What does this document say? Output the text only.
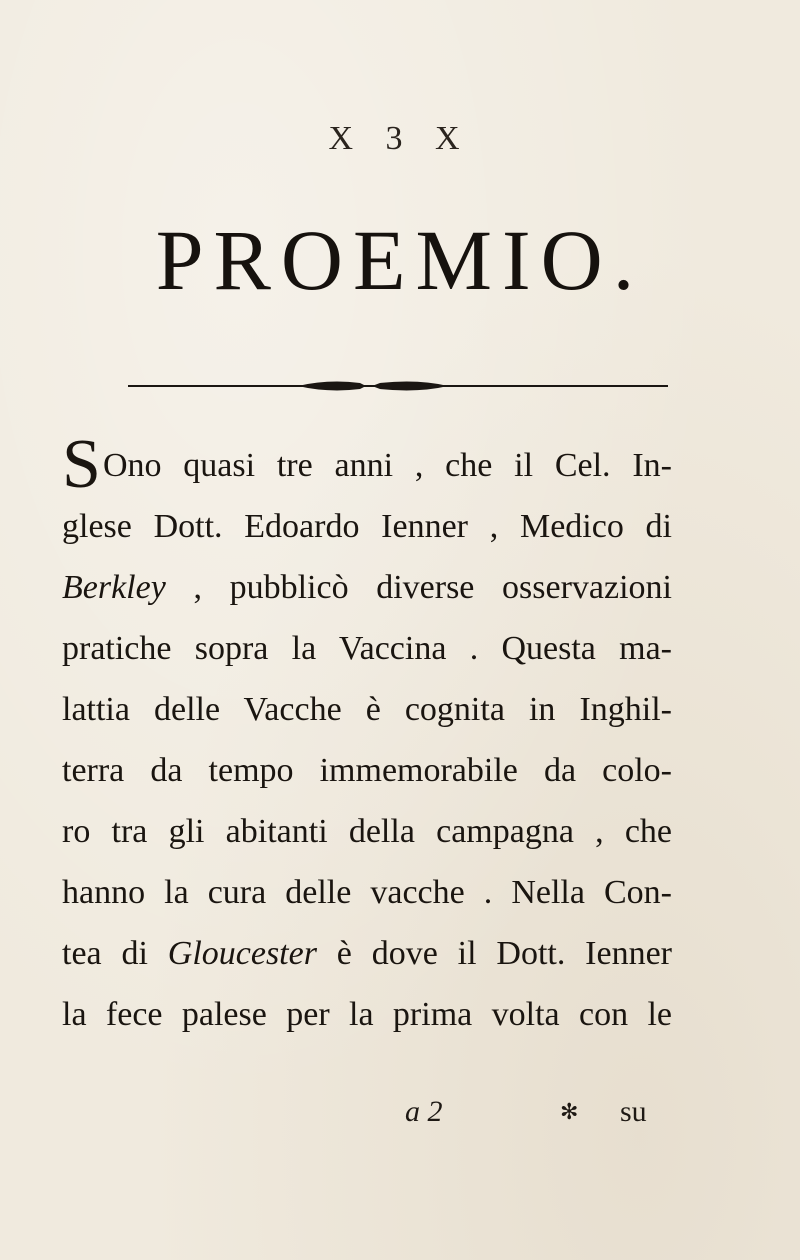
X 3 X
PROEMIO.
S Ono quasi tre anni , che il Cel. In-
glese Dott. Edoardo Ienner , Medico di
Berkley , pubblicò diverse osservazioni
pratiche sopra la Vaccina . Questa ma-
lattia delle Vacche è cognita in Inghil-
terra da tempo immemorabile da colo-
ro tra gli abitanti della campagna , che
hanno la cura delle vacche . Nella Con-
tea di Gloucester è dove il Dott. Ienner
la fece palese per la prima volta con le
a 2	✻ su
